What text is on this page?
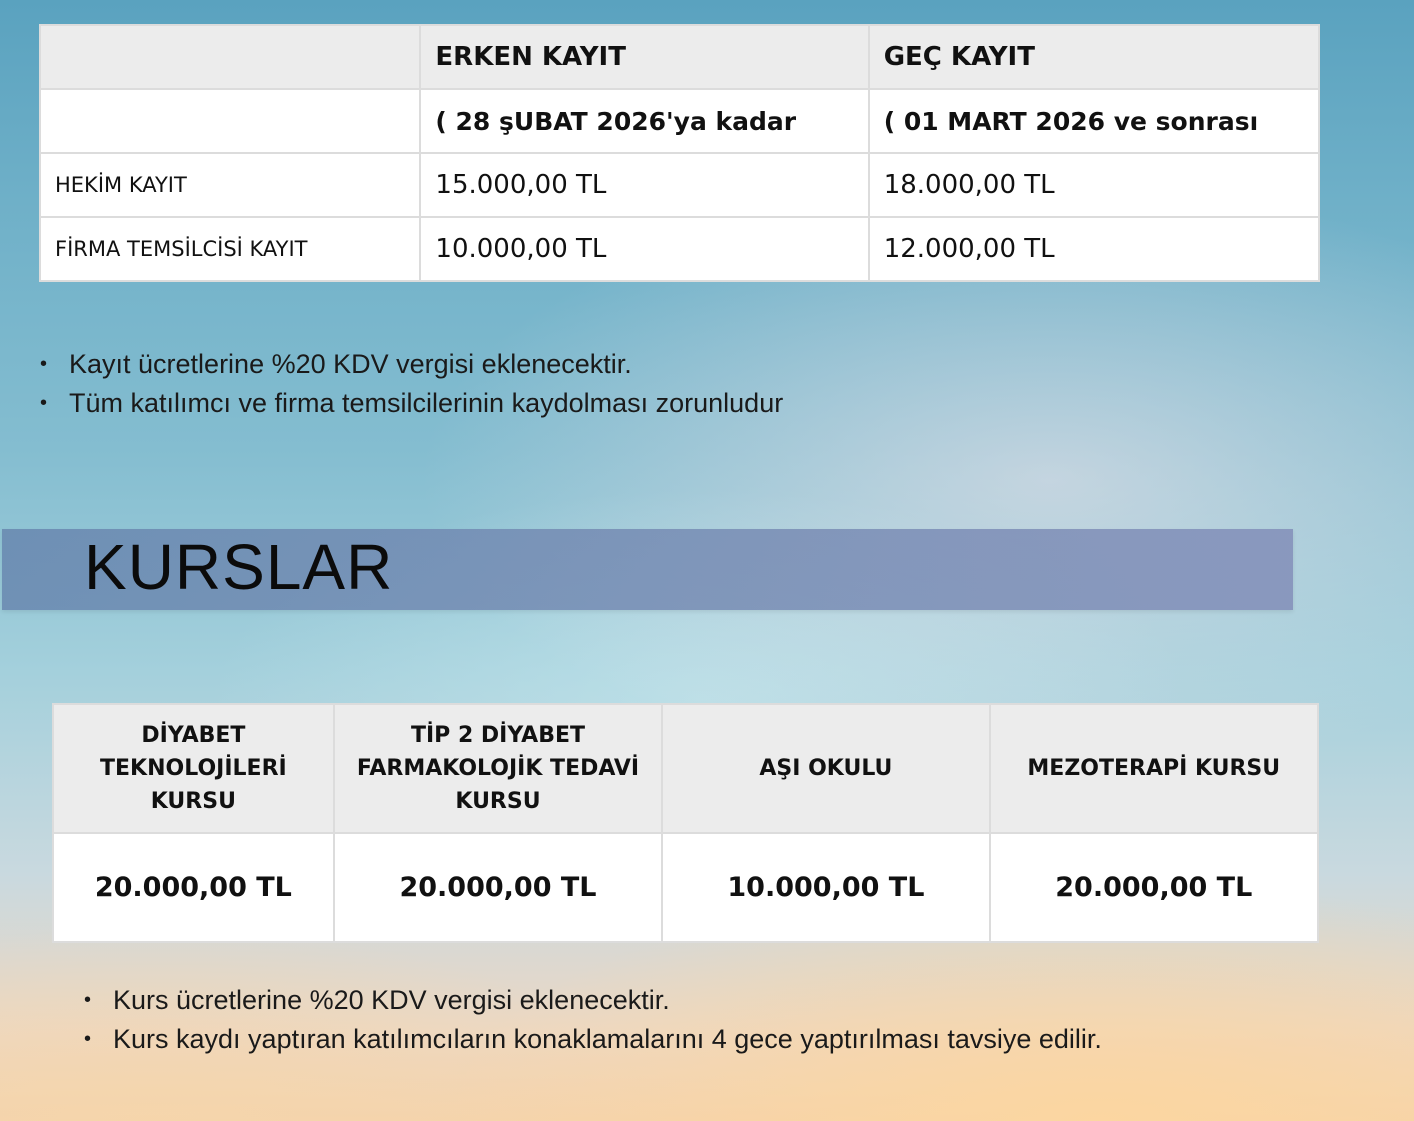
	ERKEN KAYIT	GEÇ KAYIT
	( 28 şUBAT 2026'ya kadar	( 01 MART 2026 ve sonrası
HEKİM KAYIT	15.000,00 TL	18.000,00 TL
FİRMA TEMSİLCİSİ KAYIT	10.000,00 TL	12.000,00 TL
• Kayıt ücretlerine %20 KDV vergisi eklenecektir.
• Tüm katılımcı ve firma temsilcilerinin kaydolması zorunludur
KURSLAR
DİYABET TEKNOLOJİLERİ KURSU	TİP 2 DİYABET FARMAKOLOJİK TEDAVİ KURSU	AŞI OKULU	MEZOTERAPİ KURSU
20.000,00 TL	20.000,00 TL	10.000,00 TL	20.000,00 TL
• Kurs ücretlerine %20 KDV vergisi eklenecektir.
• Kurs kaydı yaptıran katılımcıların konaklamalarını 4 gece yaptırılması tavsiye edilir.
